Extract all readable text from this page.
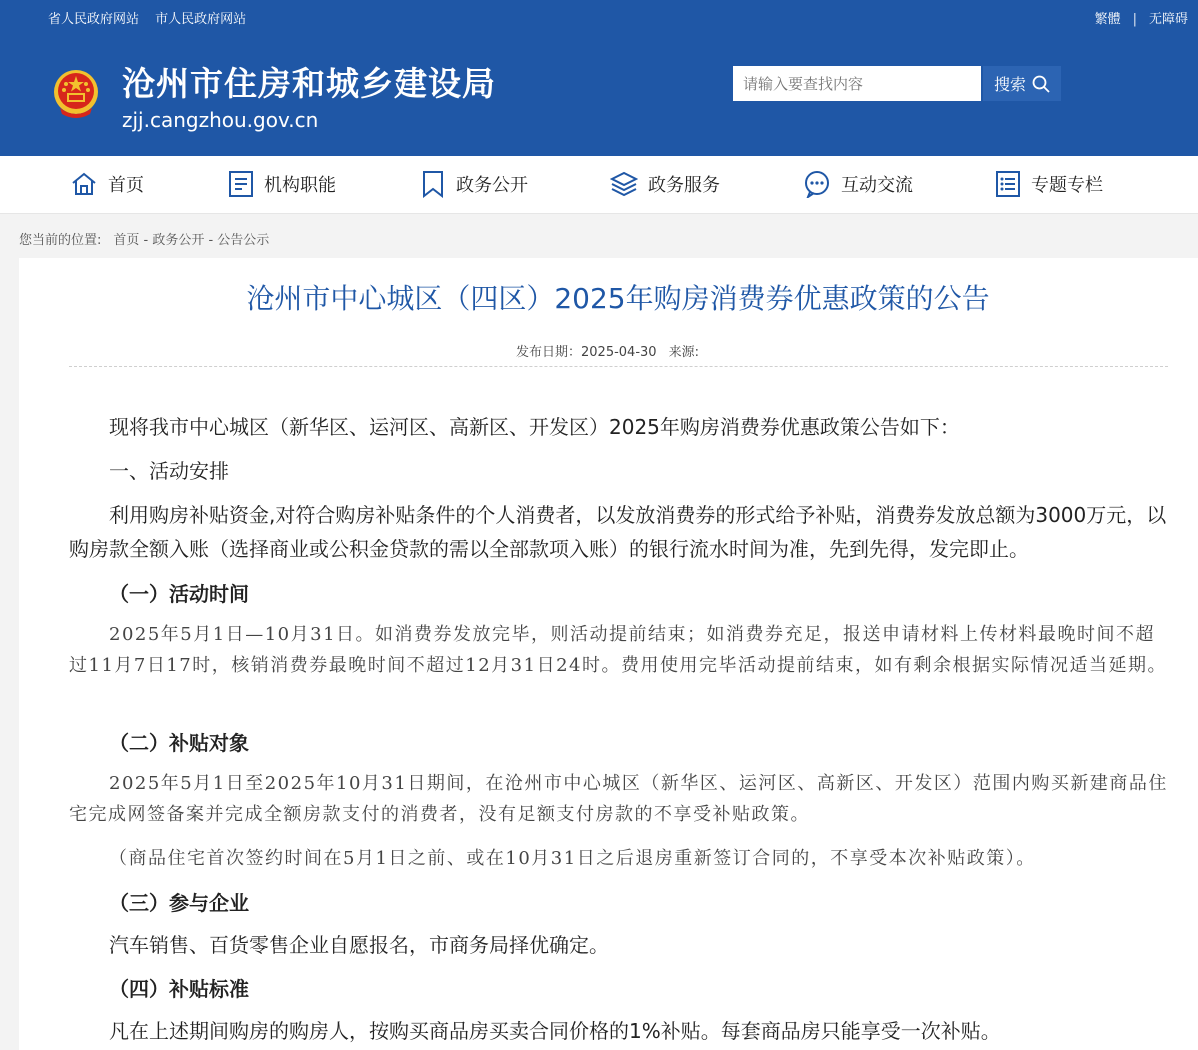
省人民政府网站 市人民政府网站	繁體 | 无障碍
沧州市住房和城乡建设局
zjj.cangzhou.gov.cn
请输入要查找内容
搜索
首页	机构职能	政务公开	政务服务	互动交流	专题专栏
您当前的位置: 首页 - 政务公开 - 公告公示
沧州市中心城区（四区）2025年购房消费券优惠政策的公告
发布日期：2025-04-30 来源:
现将我市中心城区（新华区、运河区、高新区、开发区）2025年购房消费券优惠政策公告如下：
一、活动安排
利用购房补贴资金,对符合购房补贴条件的个人消费者，以发放消费券的形式给予补贴，消费券发放总额为3000万元，以购房款全额入账（选择商业或公积金贷款的需以全部款项入账）的银行流水时间为准，先到先得，发完即止。
（一）活动时间
2025年5月1日—10月31日。如消费券发放完毕，则活动提前结束；如消费券充足，报送申请材料上传材料最晚时间不超过11月7日17时，核销消费券最晚时间不超过12月31日24时。费用使用完毕活动提前结束，如有剩余根据实际情况适当延期。
（二）补贴对象
2025年5月1日至2025年10月31日期间，在沧州市中心城区（新华区、运河区、高新区、开发区）范围内购买新建商品住宅完成网签备案并完成全额房款支付的消费者，没有足额支付房款的不享受补贴政策。
（商品住宅首次签约时间在5月1日之前、或在10月31日之后退房重新签订合同的，不享受本次补贴政策）。
（三）参与企业
汽车销售、百货零售企业自愿报名，市商务局择优确定。
（四）补贴标准
凡在上述期间购房的购房人，按购买商品房买卖合同价格的1%补贴。每套商品房只能享受一次补贴。
